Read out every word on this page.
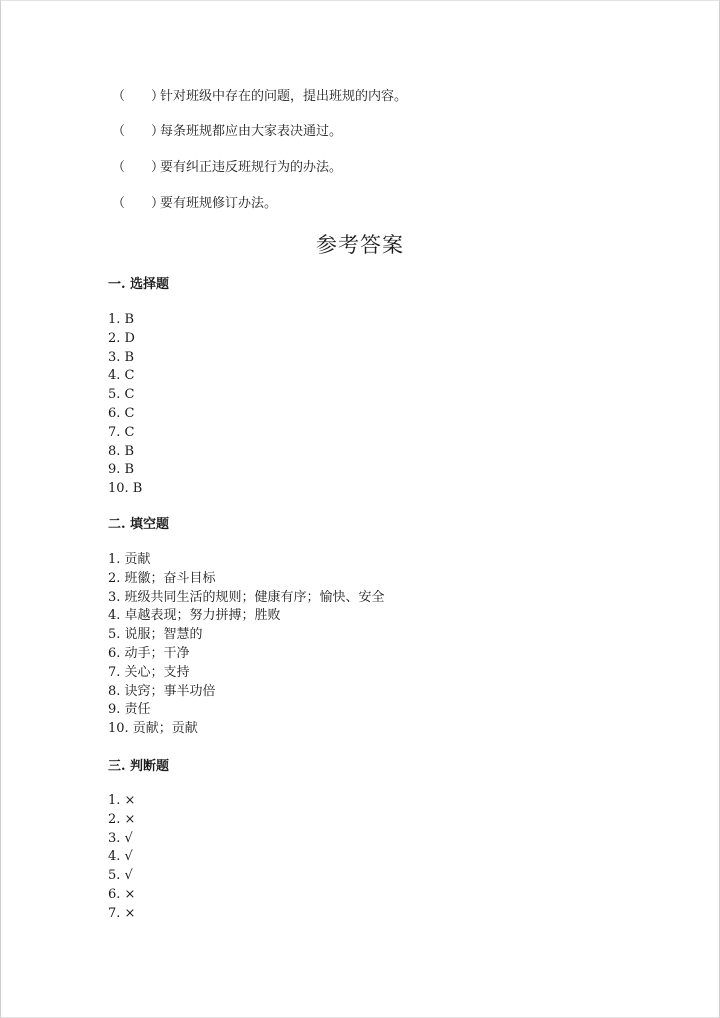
（　　）针对班级中存在的问题，提出班规的内容。
（　　）每条班规都应由大家表决通过。
（　　）要有纠正违反班规行为的办法。
（　　）要有班规修订办法。
参考答案
一. 选择题
1. B
2. D
3. B
4. C
5. C
6. C
7. C
8. B
9. B
10. B
二. 填空题
1. 贡献
2. 班徽；奋斗目标
3. 班级共同生活的规则；健康有序；愉快、安全
4. 卓越表现；努力拼搏；胜败
5. 说服；智慧的
6. 动手；干净
7. 关心；支持
8. 诀窍；事半功倍
9. 责任
10. 贡献；贡献
三. 判断题
1. ×
2. ×
3. √
4. √
5. √
6. ×
7. ×
